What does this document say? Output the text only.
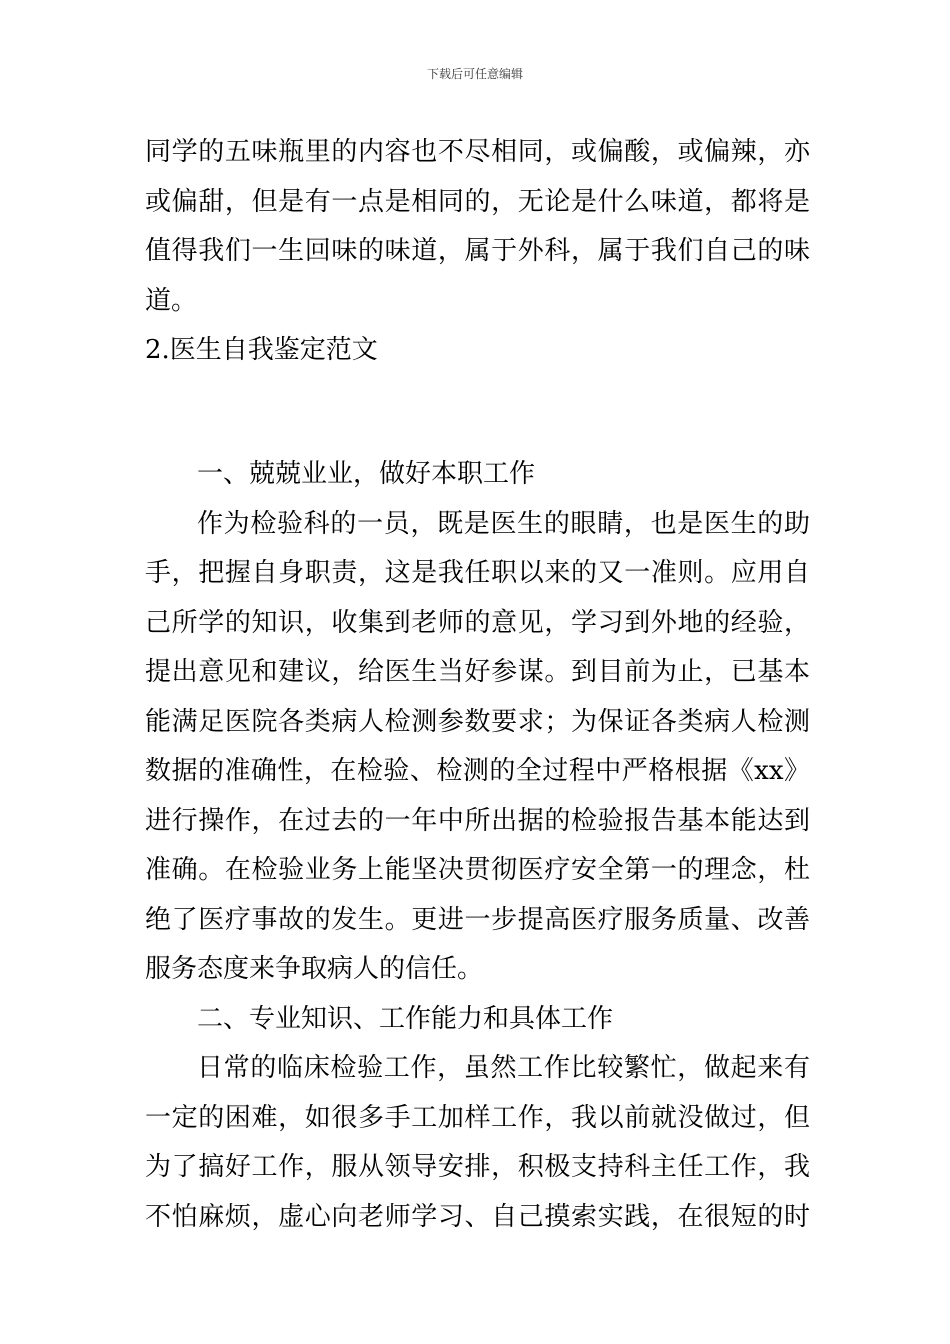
下载后可任意编辑
同学的五味瓶里的内容也不尽相同，或偏酸，或偏辣，亦
或偏甜，但是有一点是相同的，无论是什么味道，都将是
值得我们一生回味的味道，属于外科，属于我们自己的味
道。
2.医生自我鉴定范文
一、兢兢业业，做好本职工作
作为检验科的一员，既是医生的眼睛，也是医生的助
手，把握自身职责，这是我任职以来的又一准则。应用自
己所学的知识，收集到老师的意见，学习到外地的经验，
提出意见和建议，给医生当好参谋。到目前为止，已基本
能满足医院各类病人检测参数要求；为保证各类病人检测
数据的准确性，在检验、检测的全过程中严格根据《xx》
进行操作，在过去的一年中所出据的检验报告基本能达到
准确。在检验业务上能坚决贯彻医疗安全第一的理念，杜
绝了医疗事故的发生。更进一步提高医疗服务质量、改善
服务态度来争取病人的信任。
二、专业知识、工作能力和具体工作
日常的临床检验工作，虽然工作比较繁忙，做起来有
一定的困难，如很多手工加样工作，我以前就没做过，但
为了搞好工作，服从领导安排，积极支持科主任工作，我
不怕麻烦，虚心向老师学习、自己摸索实践，在很短的时
